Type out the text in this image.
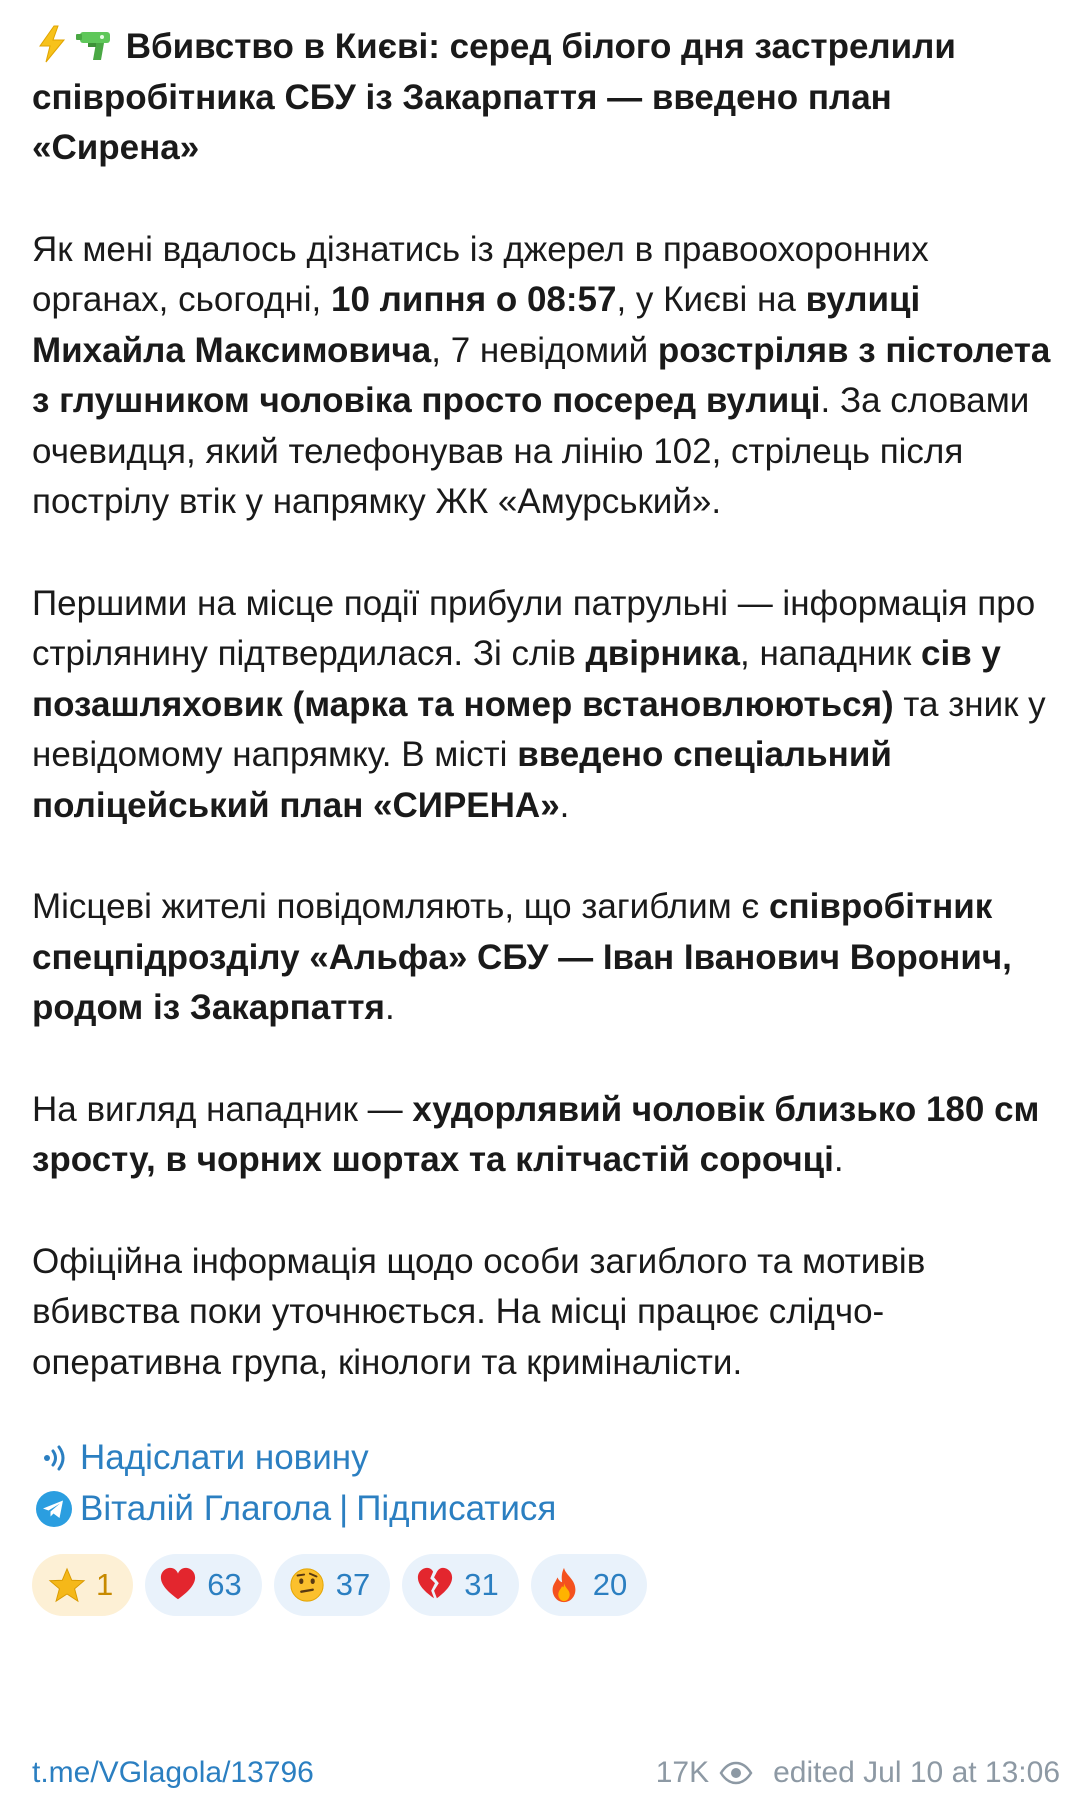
Вбивство в Києві: серед білого дня застрелили співробітника СБУ із Закарпаття — введено план «Сирена»

Як мені вдалось дізнатись із джерел в правоохоронних органах, сьогодні, 10 липня о 08:57, у Києві на вулиці Михайла Максимовича, 7 невідомий розстріляв з пістолета з глушником чоловіка просто посеред вулиці. За словами очевидця, який телефонував на лінію 102, стрілець після пострілу втік у напрямку ЖК «Амурський».

Першими на місце події прибули патрульні — інформація про стрілянину підтвердилася. Зі слів двірника, нападник сів у позашляховик (марка та номер встановлюються) та зник у невідомому напрямку. В місті введено спеціальний поліцейський план «СИРЕНА».

Місцеві жителі повідомляють, що загиблим є співробітник спецпідрозділу «Альфа» СБУ — Іван Іванович Воронич, родом із Закарпаття.

На вигляд нападник — худорлявий чоловік близько 180 см зросту, в чорних шортах та клітчастій сорочці.

Офіційна інформація щодо особи загиблого та мотивів вбивства поки уточнюється. На місці працює слідчо-оперативна група, кінологи та криміналісти.

Надіслати новину
Віталій Глагола | Підписатися
1	63	37	31	20
t.me/VGlagola/13796	17K edited Jul 10 at 13:06
